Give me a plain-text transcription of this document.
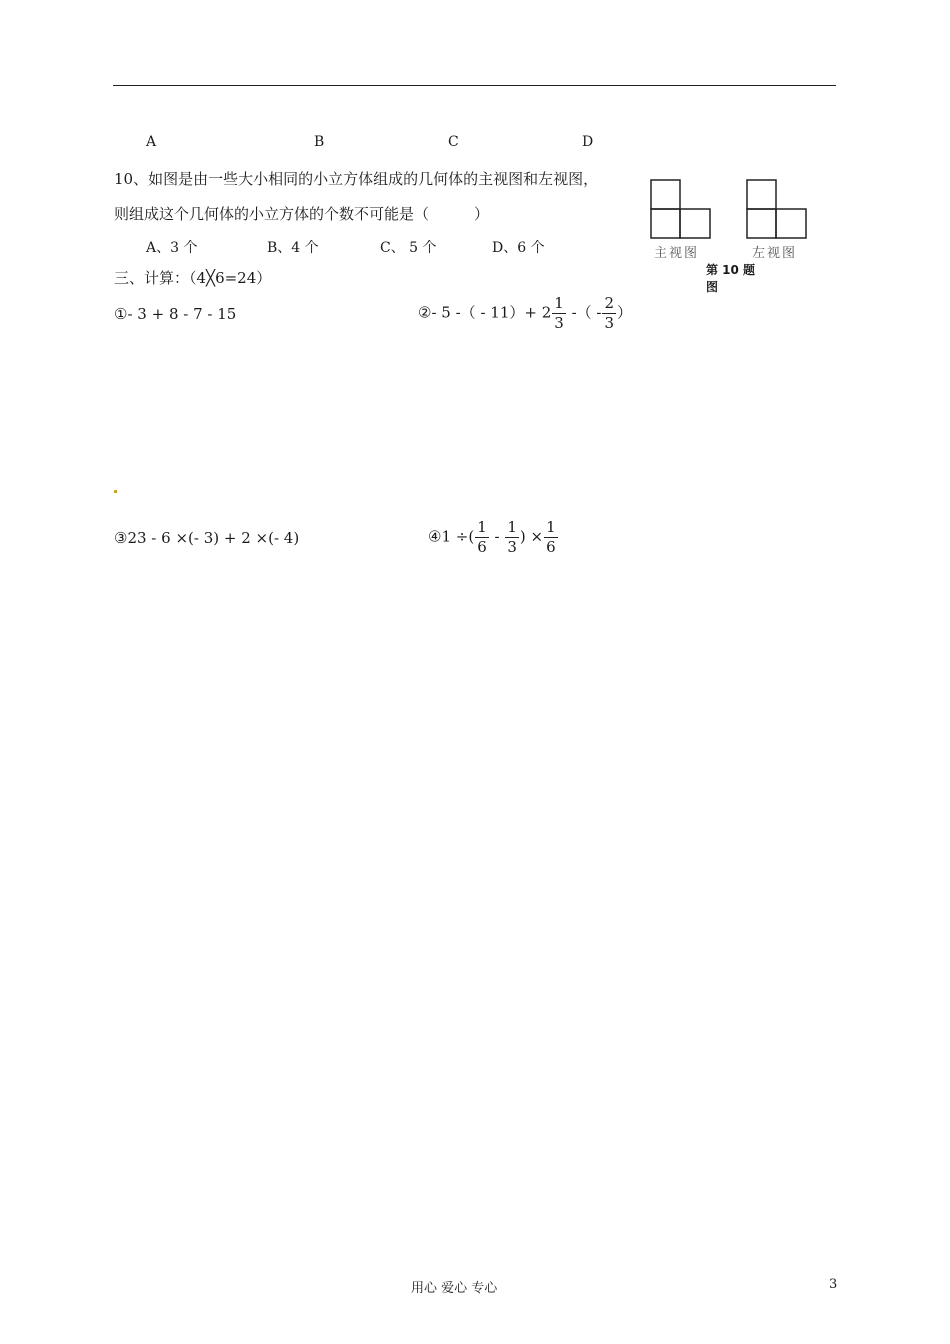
A	B	C	D
10、如图是由一些大小相同的小立方体组成的几何体的主视图和左视图，
则组成这个几何体的小立方体的个数不可能是（　　　）
A、3 个	B、4 个	C、 5 个	D、6 个	主视图	左视图
第 10 题
图
三、计算：（4╳6=24）
①- 3 + 8 - 7 - 15	②- 5 -（ - $11)+ 2 \frac{1}{3}$ -（ - $\frac{2}{3}$ ）
③23 - 6 ×(- 3) + 2 ×(- 4)	④1 ÷( $\frac{1}{6} - \frac{1}{3}$ ) × $\frac{1}{6}$
用心 爱心 专心	3
